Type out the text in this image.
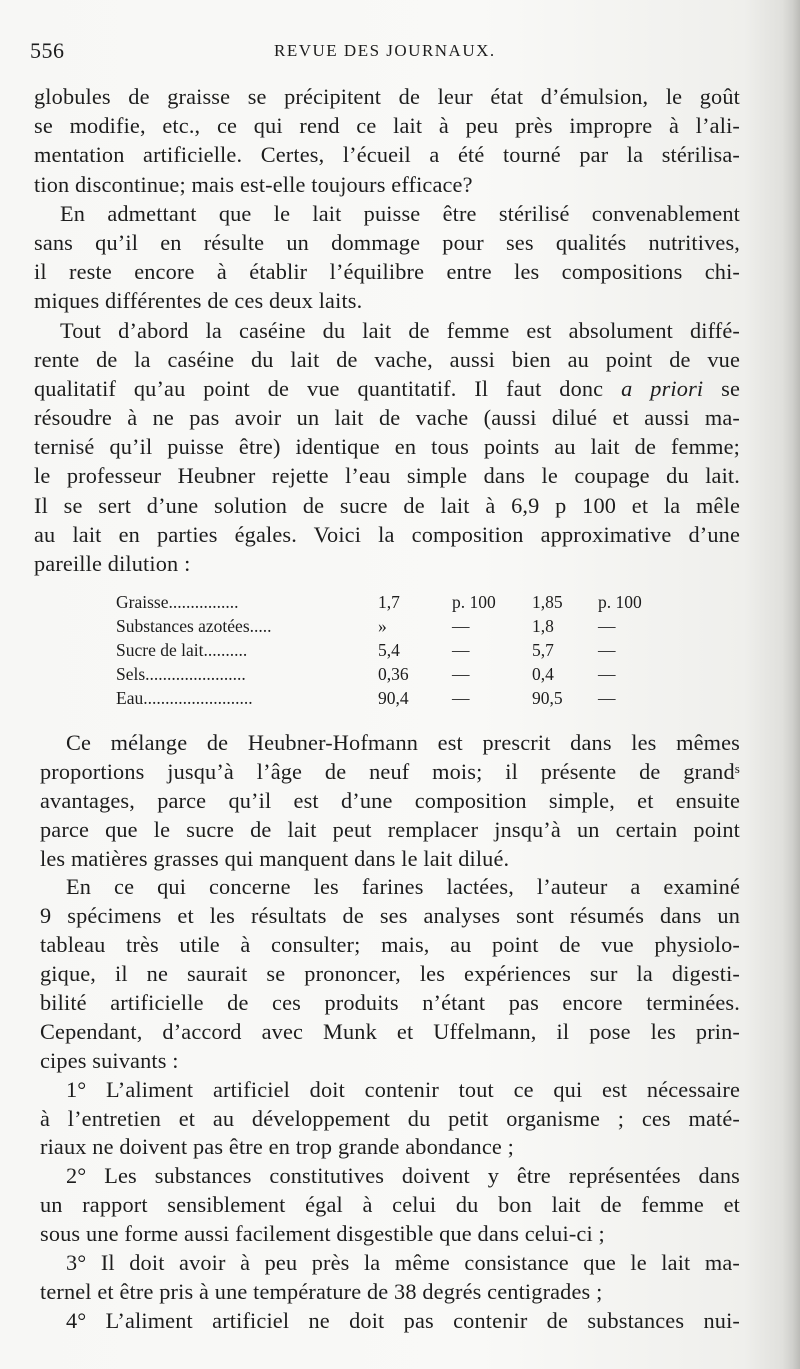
556	REVUE DES JOURNAUX.
globules de graisse se précipitent de leur état d’émulsion, le goût
se modifie, etc., ce qui rend ce lait à peu près impropre à l’ali-
mentation artificielle. Certes, l’écueil a été tourné par la stérilisa-
tion discontinue; mais est-elle toujours efficace?
En admettant que le lait puisse être stérilisé convenablement
sans qu’il en résulte un dommage pour ses qualités nutritives,
il reste encore à établir l’équilibre entre les compositions chi-
miques différentes de ces deux laits.
Tout d’abord la caséine du lait de femme est absolument diffé-
rente de la caséine du lait de vache, aussi bien au point de vue
qualitatif qu’au point de vue quantitatif. Il faut donc a priori se
résoudre à ne pas avoir un lait de vache (aussi dilué et aussi ma-
ternisé qu’il puisse être) identique en tous points au lait de femme;
le professeur Heubner rejette l’eau simple dans le coupage du lait.
Il se sert d’une solution de sucre de lait à 6,9 p 100 et la mêle
au lait en parties égales. Voici la composition approximative d’une
pareille dilution :
Graisse................	1,7	p. 100	1,85	p. 100
Substances azotées.....	»	—	1,8	—
Sucre de lait..........	5,4	—	5,7	—
Sels.......................	0,36	—	0,4	—
Eau.........................	90,4	—	90,5	—
Ce mélange de Heubner-Hofmann est prescrit dans les mêmes
proportions jusqu’à l’âge de neuf mois; il présente de grand$^s$
avantages, parce qu’il est d’une composition simple, et ensuite
parce que le sucre de lait peut remplacer jnsqu’à un certain point
les matières grasses qui manquent dans le lait dilué.
En ce qui concerne les farines lactées, l’auteur a examiné
9 spécimens et les résultats de ses analyses sont résumés dans un
tableau très utile à consulter; mais, au point de vue physiolo-
gique, il ne saurait se prononcer, les expériences sur la digesti-
bilité artificielle de ces produits n’étant pas encore terminées.
Cependant, d’accord avec Munk et Uffelmann, il pose les prin-
cipes suivants :
1° L’aliment artificiel doit contenir tout ce qui est nécessaire
à l’entretien et au développement du petit organisme ; ces maté-
riaux ne doivent pas être en trop grande abondance ;
2° Les substances constitutives doivent y être représentées dans
un rapport sensiblement égal à celui du bon lait de femme et
sous une forme aussi facilement disgestible que dans celui-ci ;
3° Il doit avoir à peu près la même consistance que le lait ma-
ternel et être pris à une température de 38 degrés centigrades ;
4° L’aliment artificiel ne doit pas contenir de substances nui-
